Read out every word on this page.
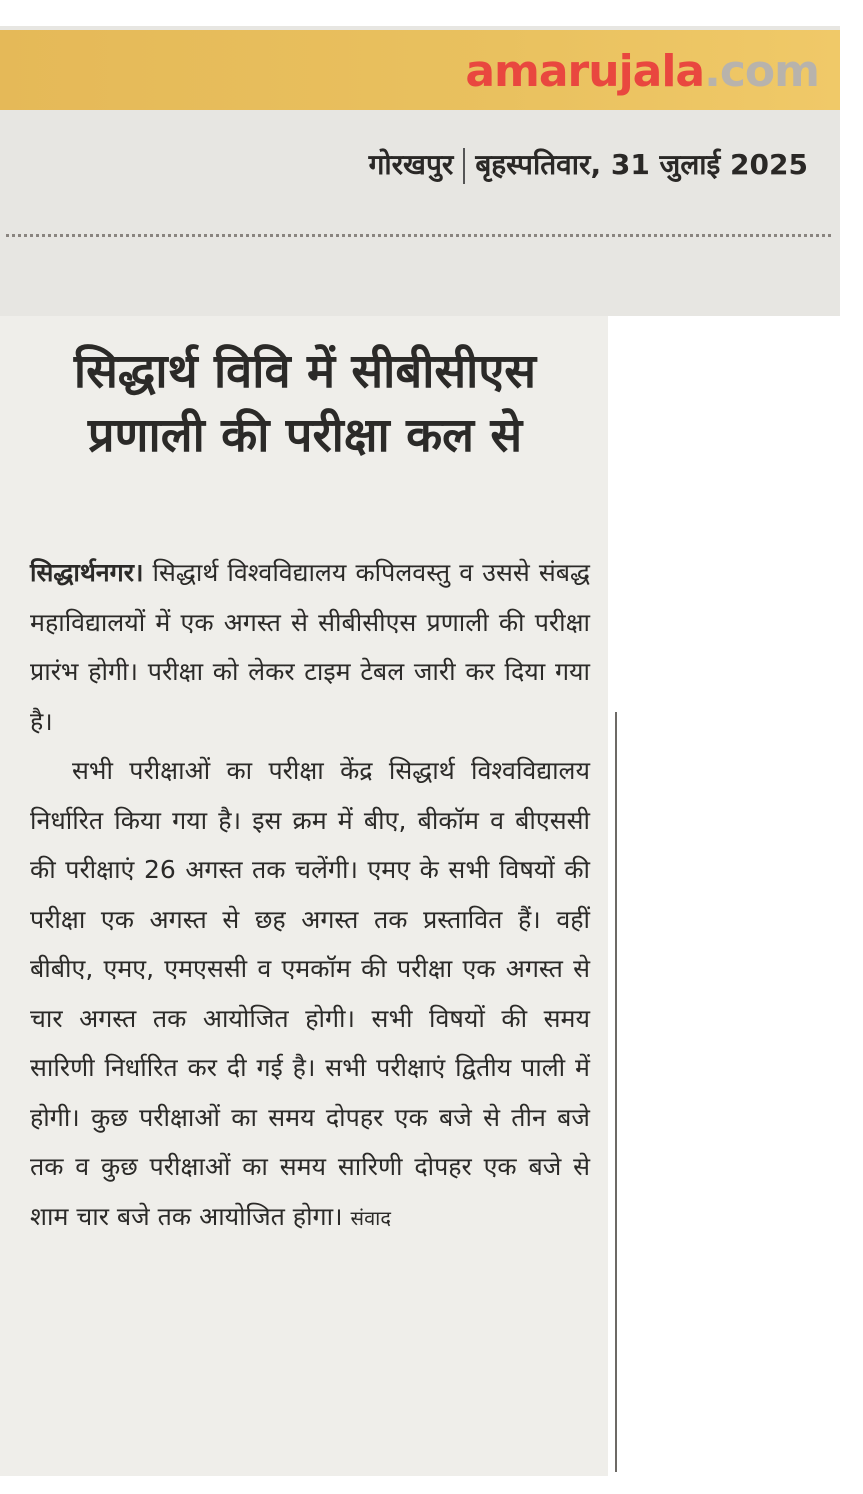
amarujala.com
गोरखपुर बृहस्पतिवार, 31 जुलाई 2025
सिद्धार्थ विवि में सीबीसीएस
प्रणाली की परीक्षा कल से

सिद्धार्थनगर। सिद्धार्थ विश्वविद्यालय कपिलवस्तु व उससे संबद्ध महाविद्यालयों में एक अगस्त से सीबीसीएस प्रणाली की परीक्षा प्रारंभ होगी। परीक्षा को लेकर टाइम टेबल जारी कर दिया गया है।

सभी परीक्षाओं का परीक्षा केंद्र सिद्धार्थ विश्वविद्यालय निर्धारित किया गया है। इस क्रम में बीए, बीकॉम व बीएससी की परीक्षाएं 26 अगस्त तक चलेंगी। एमए के सभी विषयों की परीक्षा एक अगस्त से छह अगस्त तक प्रस्तावित हैं। वहीं बीबीए, एमए, एमएससी व एमकॉम की परीक्षा एक अगस्त से चार अगस्त तक आयोजित होगी। सभी विषयों की समय सारिणी निर्धारित कर दी गई है। सभी परीक्षाएं द्वितीय पाली में होगी। कुछ परीक्षाओं का समय दोपहर एक बजे से तीन बजे तक व कुछ परीक्षाओं का समय सारिणी दोपहर एक बजे से शाम चार बजे तक आयोजित होगा। संवाद
